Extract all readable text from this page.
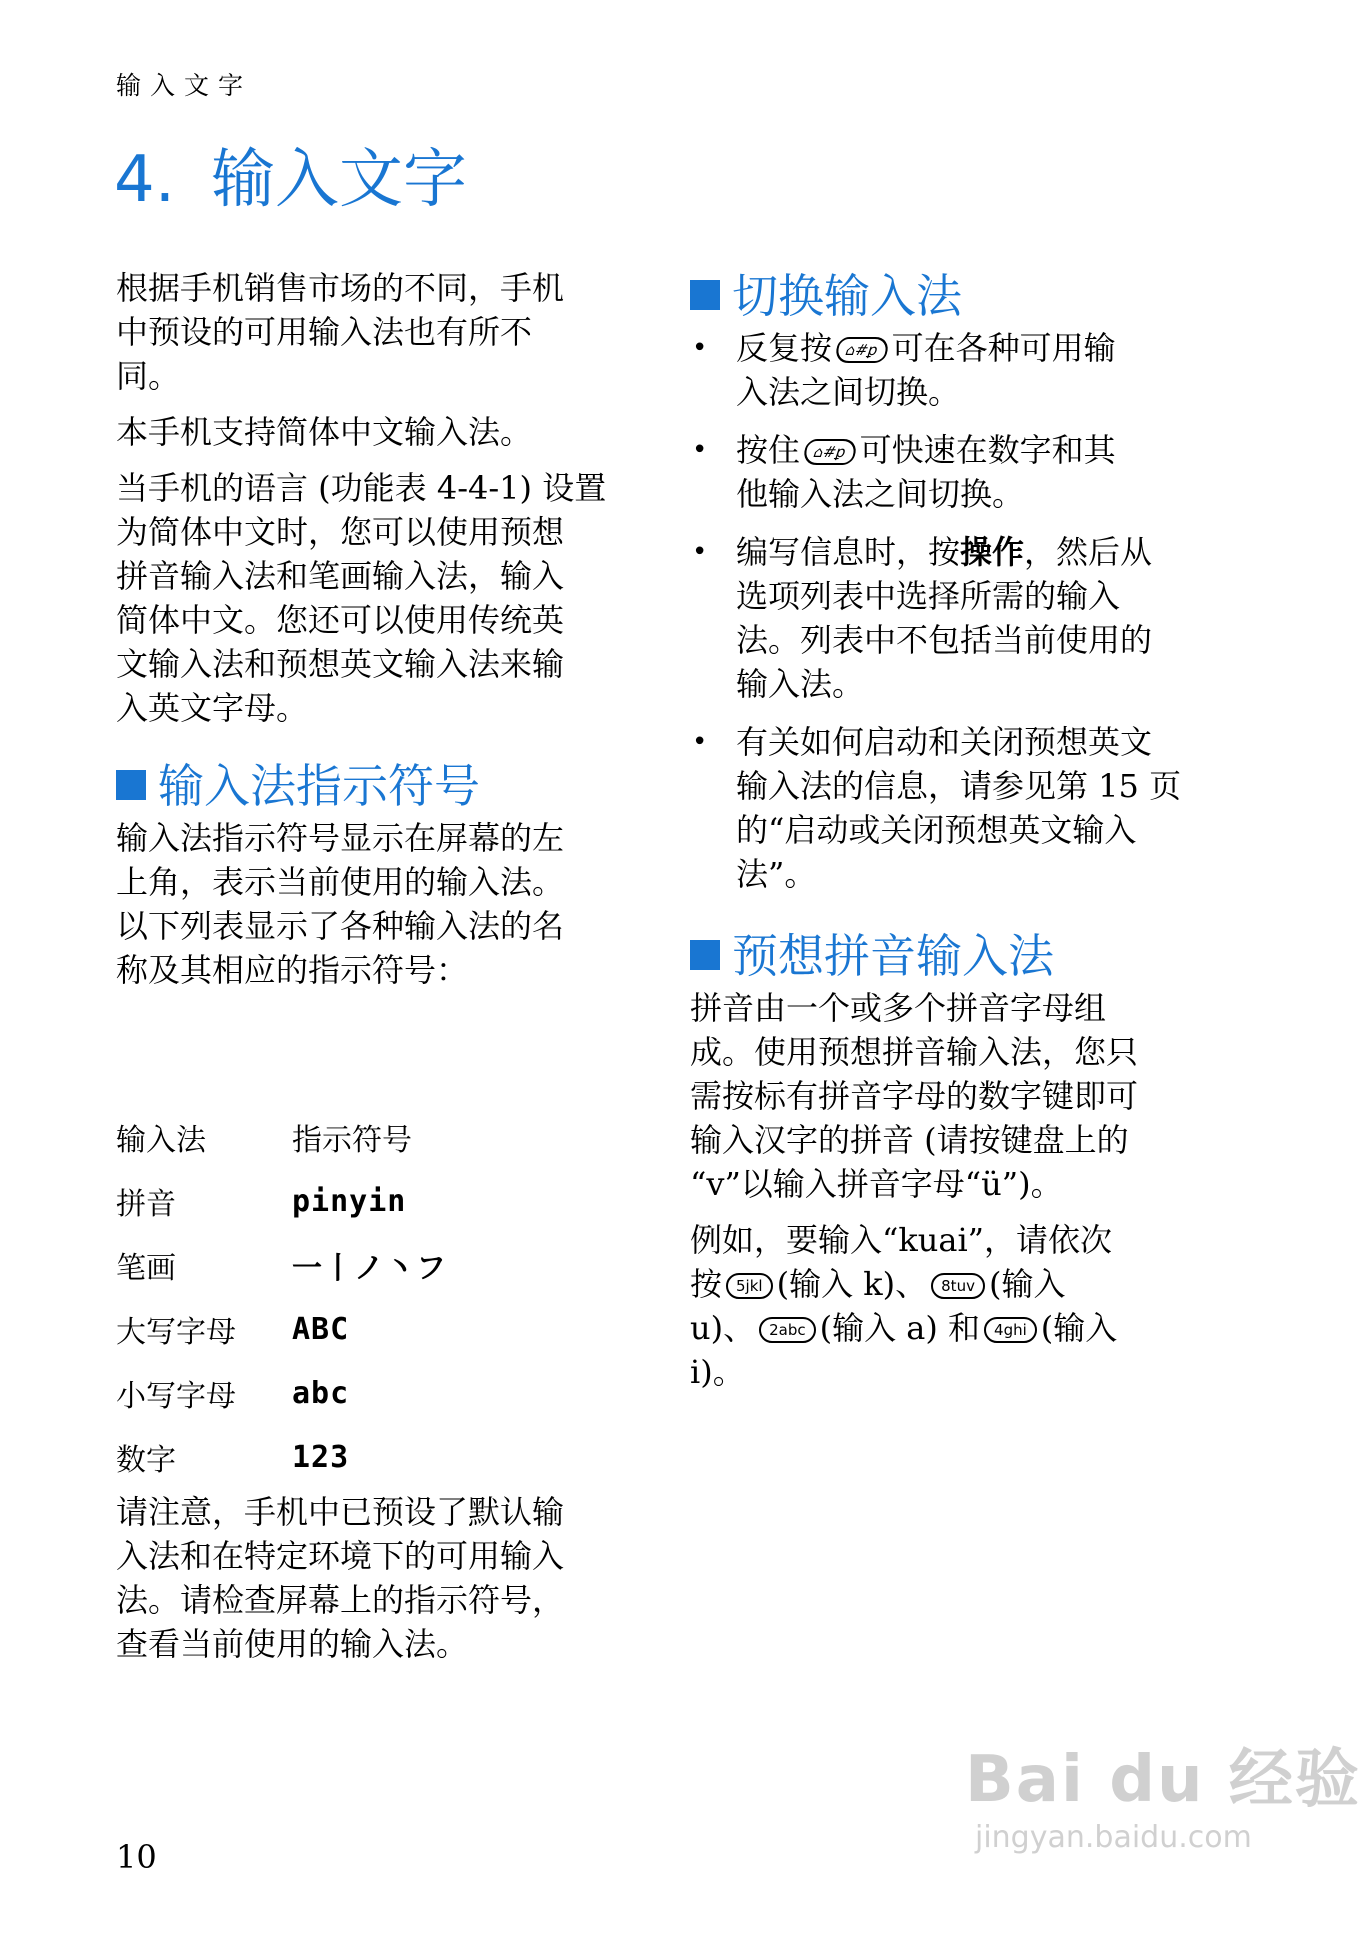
输入文字
4. 输入文字

根据手机销售市场的不同，手机
中预设的可用输入法也有所不
同。

本手机支持简体中文输入法。

当手机的语言 (功能表 4-4-1) 设置
为简体中文时，您可以使用预想
拼音输入法和笔画输入法，输入
简体中文。您还可以使用传统英
文输入法和预想英文输入法来输
入英文字母。

输入法指示符号

输入法指示符号显示在屏幕的左
上角，表示当前使用的输入法。
以下列表显示了各种输入法的名
称及其相应的指示符号：

输入法	指示符号
拼音	pinyin
笔画	一丨ノ丶フ
大写字母	ABC
小写字母	abc
数字	123

请注意，手机中已预设了默认输
入法和在特定环境下的可用输入
法。请检查屏幕上的指示符号，
查看当前使用的输入法。

切换输入法
• 反复按 ⌂#ꝑ 可在各种可用输
入法之间切换。
• 按住 ⌂#ꝑ 可快速在数字和其
他输入法之间切换。
• 编写信息时，按操作，然后从
选项列表中选择所需的输入
法。列表中不包括当前使用的
输入法。
• 有关如何启动和关闭预想英文
输入法的信息，请参见第 15 页
的“启动或关闭预想英文输入
法”。
预想拼音输入法

拼音由一个或多个拼音字母组
成。使用预想拼音输入法，您只
需按标有拼音字母的数字键即可
输入汉字的拼音 (请按键盘上的
“v”以输入拼音字母“ü”)。

例如，要输入“kuai”，请依次
按 5jkl (输入 k)、 8tuv (输入
u)、 2abc (输入 a) 和 4ghi (输入
i)。

10
Bai du 经验
jingyan.baidu.com
